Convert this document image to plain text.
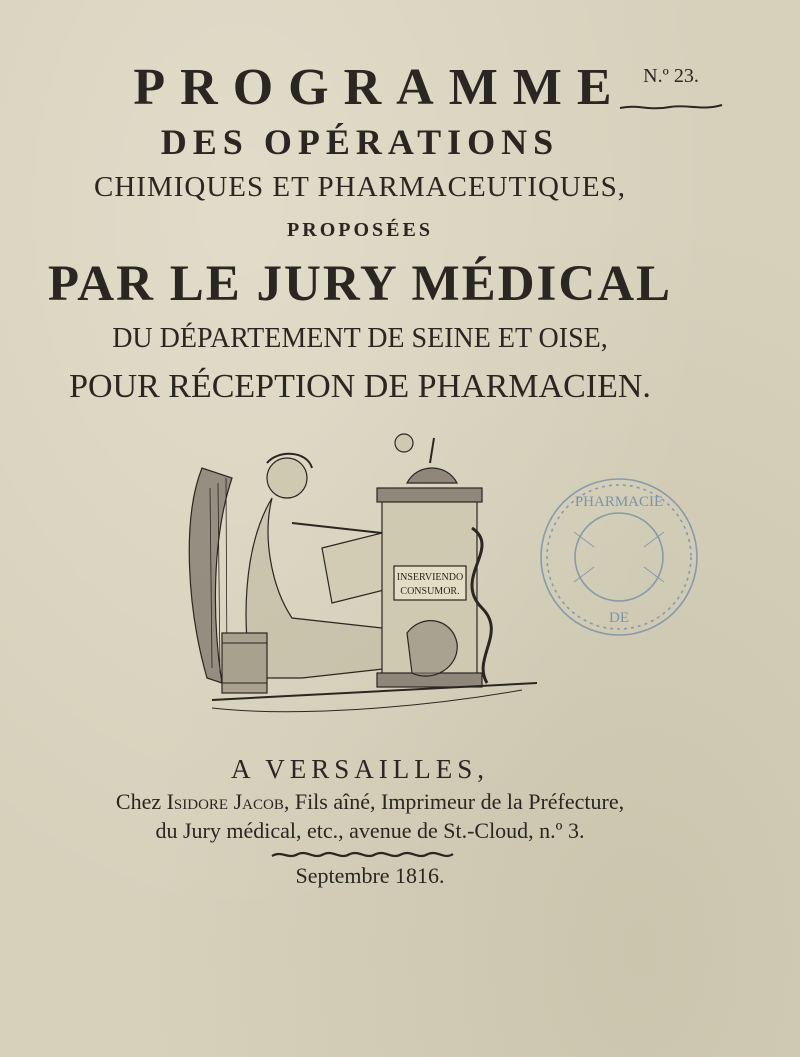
PROGRAMME N.º 23.
DES OPÉRATIONS
CHIMIQUES ET PHARMACEUTIQUES,
PROPOSÉES
PAR LE JURY MÉDICAL
DU DÉPARTEMENT DE SEINE ET OISE,
POUR RÉCEPTION DE PHARMACIEN.
INSERVIENDO
CONSUMOR.
PHARMACIE
DE
A VERSAILLES,
Chez Isidore Jacob, Fils aîné, Imprimeur de la Préfecture,
du Jury médical, etc., avenue de St.-Cloud, n.º 3.
Septembre 1816.
